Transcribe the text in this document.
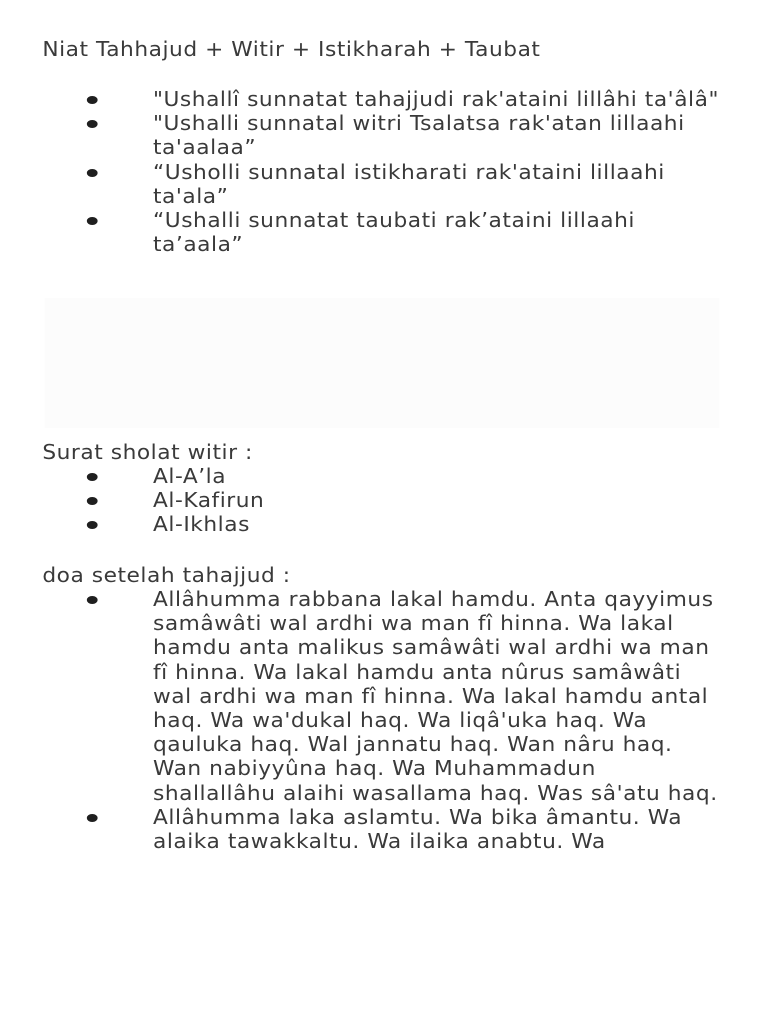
Niat Tahhajud + Witir + Istikharah + Taubat
"Ushallî sunnatat tahajjudi rak'ataini lillâhi ta'âlâ"
"Ushalli sunnatal witri Tsalatsa rak'atan lillaahi ta'aalaa”
“Usholli sunnatal istikharati rak'ataini lillaahi ta'ala”
“Ushalli sunnatat taubati rak’ataini lillaahi ta’aala”
Surat sholat witir :
Al-A’la
Al-Kafirun
Al-Ikhlas
doa setelah tahajjud :
Allâhumma rabbana lakal hamdu. Anta qayyimus samâwâti wal ardhi wa man fî hinna. Wa lakal hamdu anta malikus samâwâti wal ardhi wa man fî hinna. Wa lakal hamdu anta nûrus samâwâti wal ardhi wa man fî hinna. Wa lakal hamdu antal haq. Wa wa'dukal haq. Wa liqâ'uka haq. Wa qauluka haq. Wal jannatu haq. Wan nâru haq. Wan nabiyyûna haq. Wa Muhammadun shallallâhu alaihi wasallama haq. Was sâ'atu haq.
Allâhumma laka aslamtu. Wa bika âmantu. Wa alaika tawakkaltu. Wa ilaika anabtu. Wa
